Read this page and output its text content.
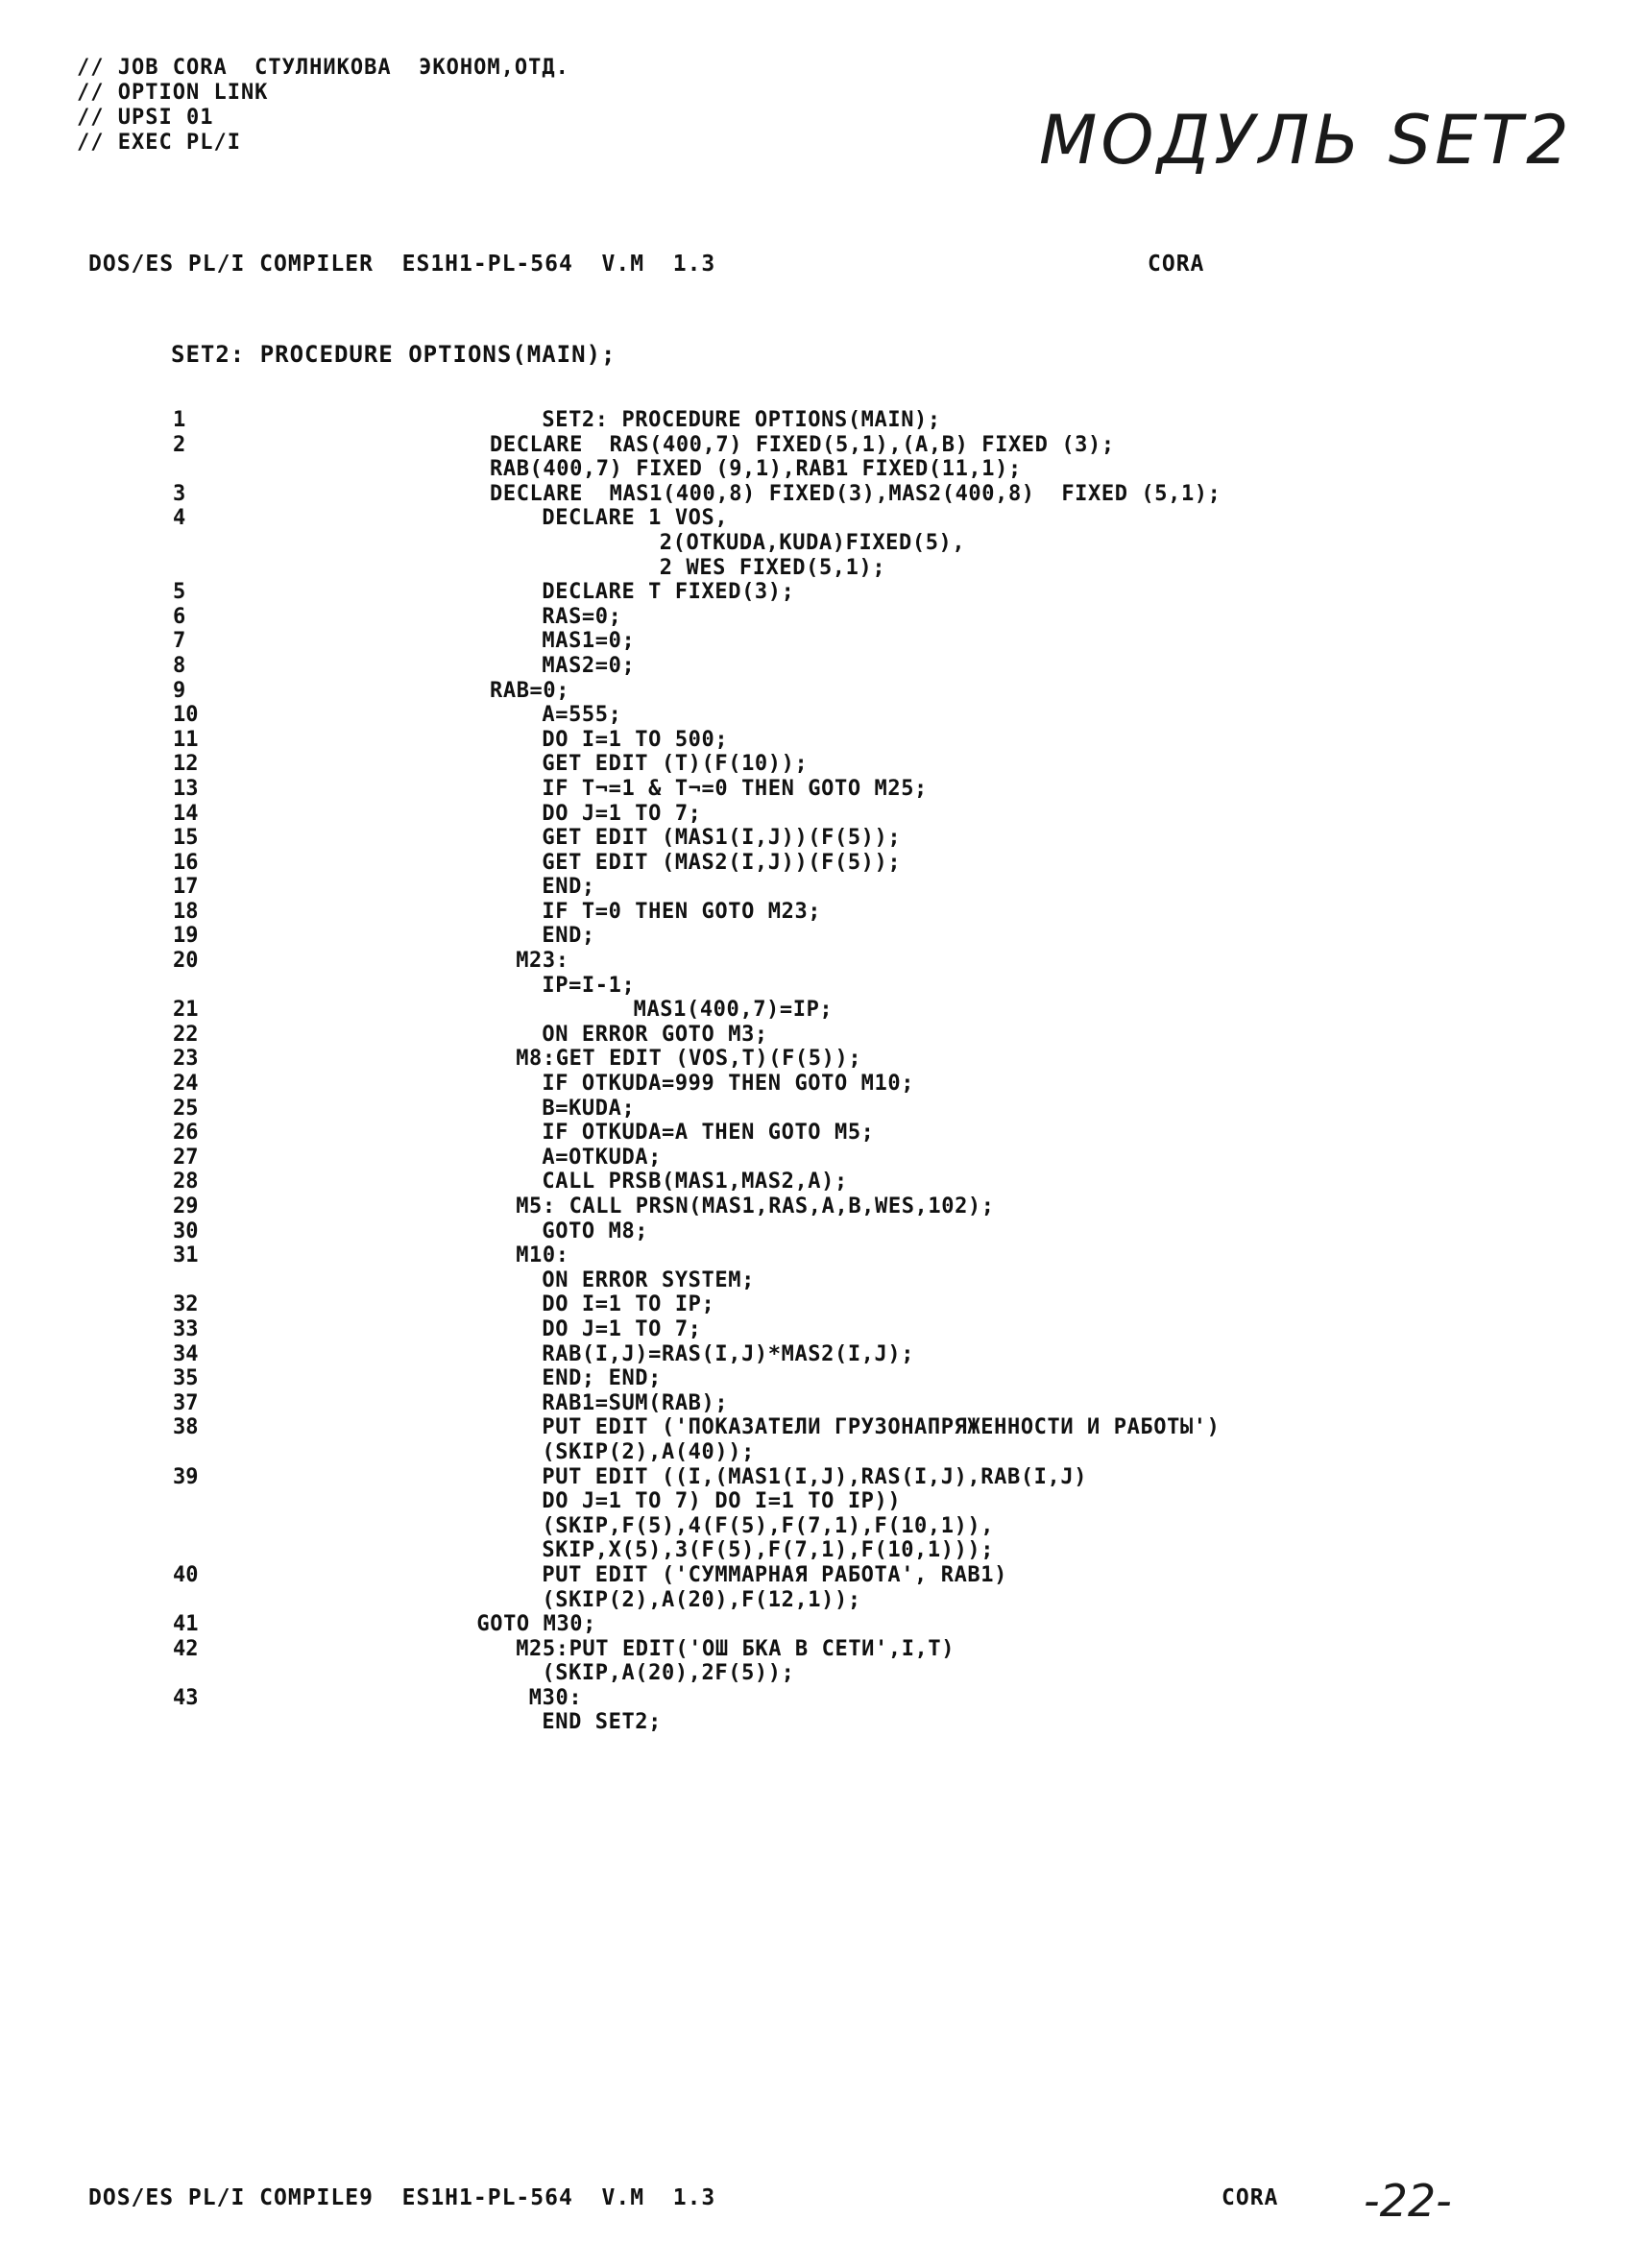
// JOB CORA  СТУЛНИКОВА  ЭКОНОМ,ОТД.
// OPTION LINK
// UPSI 01
// EXEC PL/I	МОДУЛЬ SET2
DOS/ES PL/I COMPILER  ES1H1-PL-564  V.M  1.3	CORA
SET2: PROCEDURE OPTIONS(MAIN);
1	SET2: PROCEDURE OPTIONS(MAIN);
2	DECLARE  RAS(400,7) FIXED(5,1),(A,B) FIXED (3);
RAB(400,7) FIXED (9,1),RAB1 FIXED(11,1);
3	DECLARE  MAS1(400,8) FIXED(3),MAS2(400,8)  FIXED (5,1);
4	DECLARE 1 VOS,
2(OTKUDA,KUDA)FIXED(5),
2 WES FIXED(5,1);
5	DECLARE T FIXED(3);
6	RAS=0;
7	MAS1=0;
8	MAS2=0;
9	RAB=0;
10	A=555;
11	DO I=1 TO 500;
12	GET EDIT (T)(F(10));
13	IF T¬=1 & T¬=0 THEN GOTO M25;
14	DO J=1 TO 7;
15	GET EDIT (MAS1(I,J))(F(5));
16	GET EDIT (MAS2(I,J))(F(5));
17	END;
18	IF T=0 THEN GOTO M23;
19	END;
20	M23:
IP=I-1;
21	MAS1(400,7)=IP;
22	ON ERROR GOTO M3;
23	M8:GET EDIT (VOS,T)(F(5));
24	IF OTKUDA=999 THEN GOTO M10;
25	B=KUDA;
26	IF OTKUDA=A THEN GOTO M5;
27	A=OTKUDA;
28	CALL PRSB(MAS1,MAS2,A);
29	M5: CALL PRSN(MAS1,RAS,A,B,WES,102);
30	GOTO M8;
31	M10:
ON ERROR SYSTEM;
32	DO I=1 TO IP;
33	DO J=1 TO 7;
34	RAB(I,J)=RAS(I,J)*MAS2(I,J);
35	END; END;
37	RAB1=SUM(RAB);
38	PUT EDIT ('ПОКАЗАТЕЛИ ГРУЗОНАПРЯЖЕННОСТИ И РАБОТЫ')
(SKIP(2),A(40));
39	PUT EDIT ((I,(MAS1(I,J),RAS(I,J),RAB(I,J)
DO J=1 TO 7) DO I=1 TO IP))
(SKIP,F(5),4(F(5),F(7,1),F(10,1)),
SKIP,X(5),3(F(5),F(7,1),F(10,1)));
40	PUT EDIT ('СУММАРНАЯ РАБОТА', RAB1)
(SKIP(2),A(20),F(12,1));
41	GOTO M30;
42	M25:PUT EDIT('ОШ БКА В СЕТИ',I,T)
(SKIP,A(20),2F(5));
43	M30:
END SET2;
DOS/ES PL/I COMPILE9  ES1H1-PL-564  V.M  1.3	CORA -22-
